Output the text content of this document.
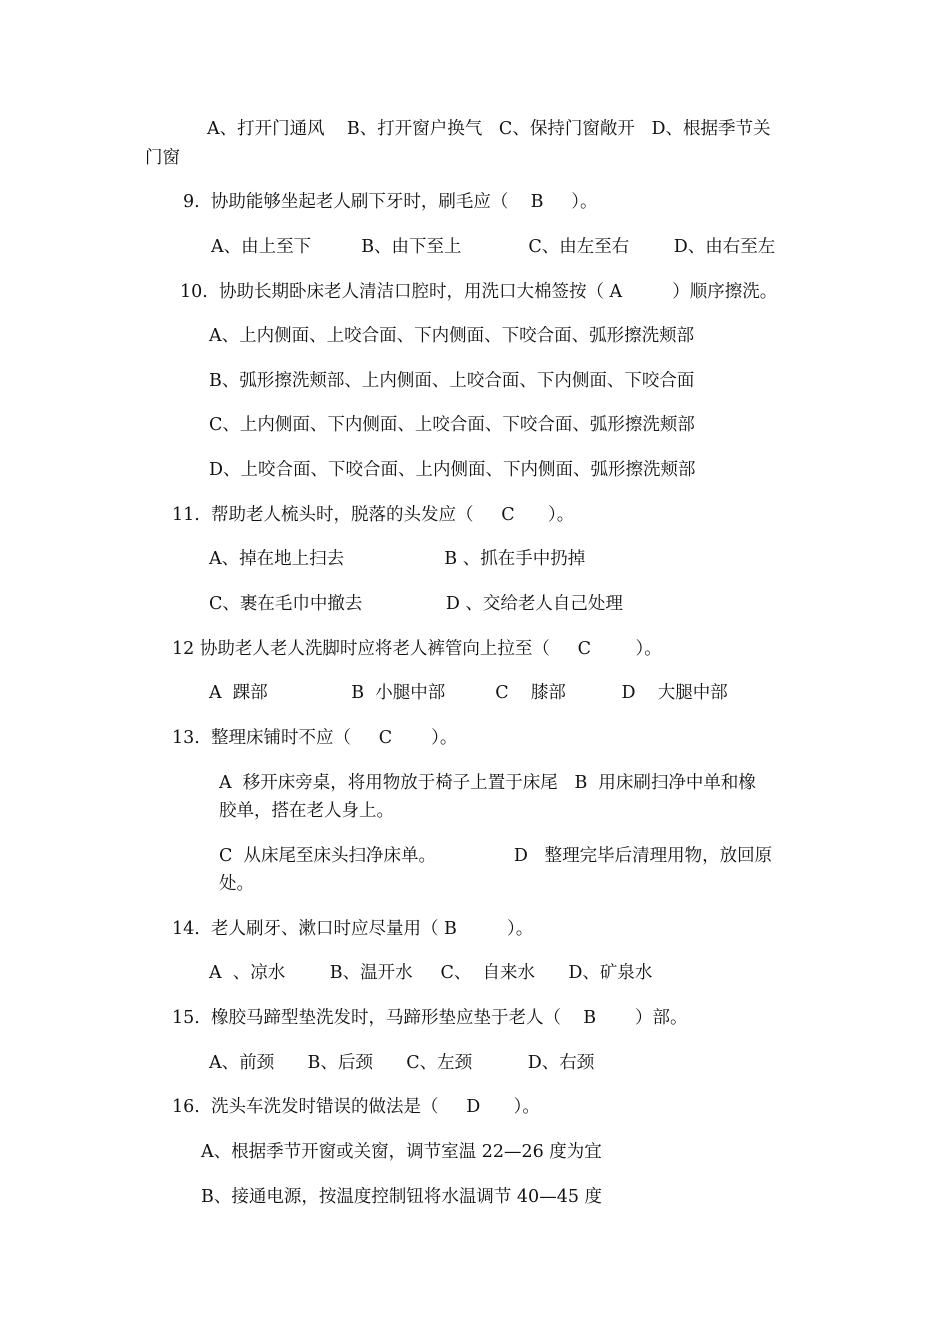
A、打开门通风    B、打开窗户换气   C、保持门窗敞开   D、根据季节关

门窗

9.  协助能够坐起老人刷下牙时，刷毛应（    B     ）。

A、由上至下         B、由下至上            C、由左至右        D、由右至左

10.  协助长期卧床老人清洁口腔时，用洗口大棉签按（ A         ）顺序擦洗。

A、上内侧面、上咬合面、下内侧面、下咬合面、弧形擦洗颊部

B、弧形擦洗颊部、上内侧面、上咬合面、下内侧面、下咬合面

C、上内侧面、下内侧面、上咬合面、下咬合面、弧形擦洗颊部

D、上咬合面、下咬合面、上内侧面、下内侧面、弧形擦洗颊部

11.  帮助老人梳头时，脱落的头发应（     C      ）。

A、掉在地上扫去                  B 、抓在手中扔掉

C、裹在毛巾中撤去               D 、交给老人自己处理

12 协助老人老人洗脚时应将老人裤管向上拉至（     C        ）。

A  踝部               B  小腿中部         C    膝部          D    大腿中部

13.  整理床铺时不应（     C       ）。

A  移开床旁桌，将用物放于椅子上置于床尾   B  用床刷扫净中单和橡

胶单，搭在老人身上。

C  从床尾至床头扫净床单。              D   整理完毕后清理用物，放回原

处。

14.  老人刷牙、漱口时应尽量用（ B         ）。

A  、凉水        B、温开水     C、  自来水      D、矿泉水

15.  橡胶马蹄型垫洗发时，马蹄形垫应垫于老人（    B       ）部。

A、前颈      B、后颈      C、左颈          D、右颈

16.  洗头车洗发时错误的做法是（     D      ）。

A、根据季节开窗或关窗，调节室温 22—26 度为宜

B、接通电源，按温度控制钮将水温调节 40—45 度
